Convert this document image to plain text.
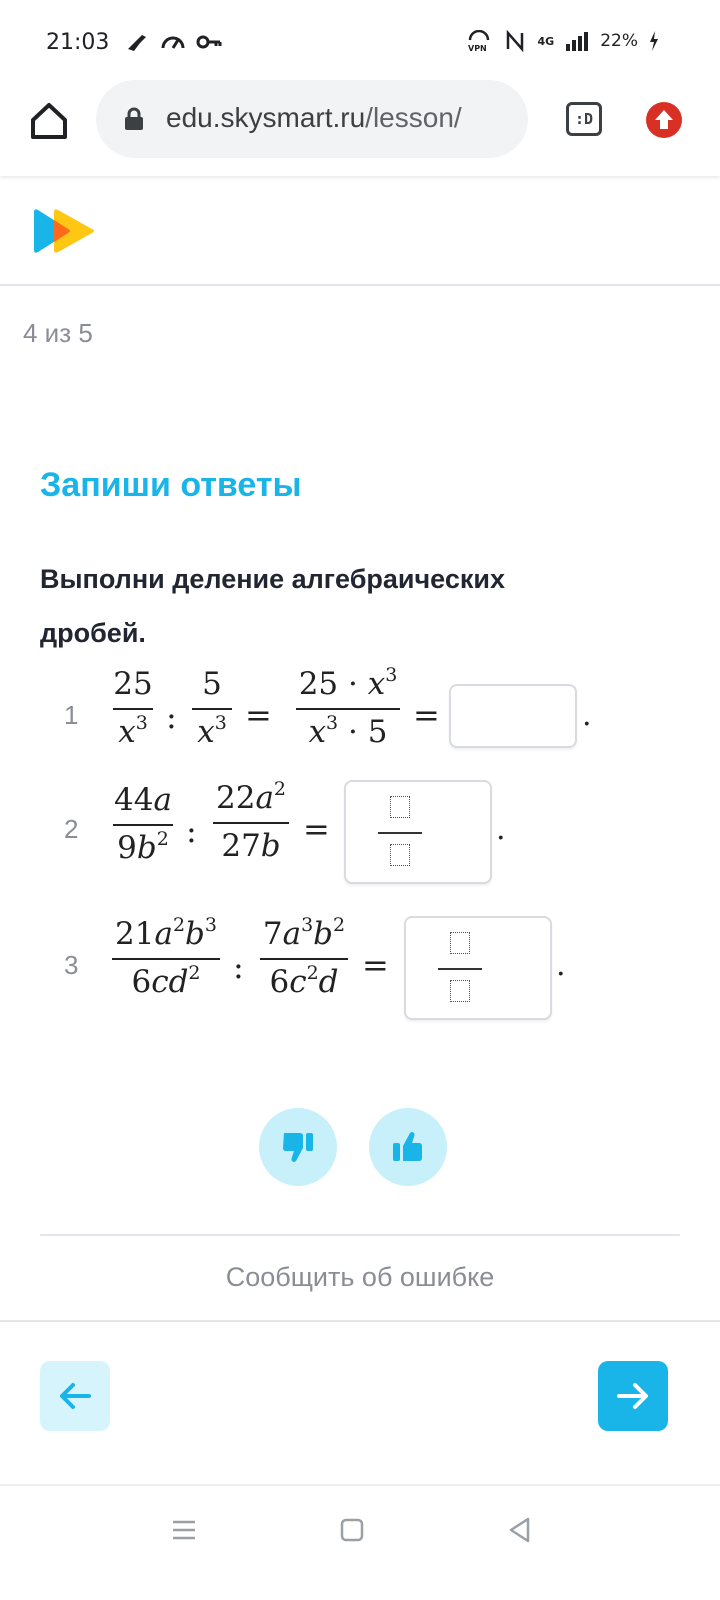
21:03	VPN
4G	22%
edu.skysmart.ru/lesson/	:D
4 из 5
Запиши ответы
Выполни деление алгебраических дробей.
$1 \frac{25}{x^3}$ : $\frac{5}{x^3} = \frac{25 \cdot x^3}{x^3 \cdot 5}$ =	.
$2 \frac{44a}{9b^2}$ : $\frac{22a^2}{27b}$ =	.
$3 \frac{21a^2b^3}{6cd^2}$ : $\frac{7a^3b^2}{6c^2d}$ =	.
Сообщить об ошибке
